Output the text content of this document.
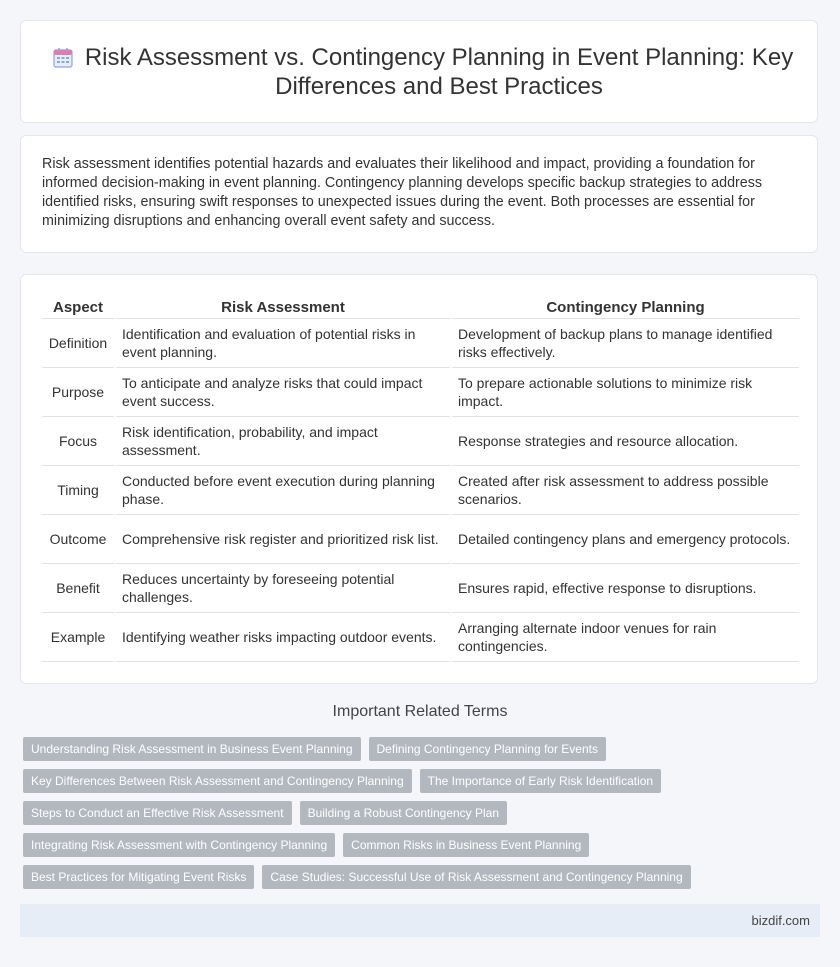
Risk Assessment vs. Contingency Planning in Event Planning: Key Differences and Best Practices

Risk assessment identifies potential hazards and evaluates their likelihood and impact, providing a foundation for informed decision-making in event planning. Contingency planning develops specific backup strategies to address identified risks, ensuring swift responses to unexpected issues during the event. Both processes are essential for minimizing disruptions and enhancing overall event safety and success.

Aspect	Risk Assessment	Contingency Planning
Definition	Identification and evaluation of potential risks in event planning.	Development of backup plans to manage identified risks effectively.
Purpose	To anticipate and analyze risks that could impact event success.	To prepare actionable solutions to minimize risk impact.
Focus	Risk identification, probability, and impact assessment.	Response strategies and resource allocation.
Timing	Conducted before event execution during planning phase.	Created after risk assessment to address possible scenarios.
Outcome	Comprehensive risk register and prioritized risk list.	Detailed contingency plans and emergency protocols.
Benefit	Reduces uncertainty by foreseeing potential challenges.	Ensures rapid, effective response to disruptions.
Example	Identifying weather risks impacting outdoor events.	Arranging alternate indoor venues for rain contingencies.
Important Related Terms
Understanding Risk Assessment in Business Event Planning	Defining Contingency Planning for Events
Key Differences Between Risk Assessment and Contingency Planning	The Importance of Early Risk Identification
Steps to Conduct an Effective Risk Assessment	Building a Robust Contingency Plan
Integrating Risk Assessment with Contingency Planning	Common Risks in Business Event Planning
Best Practices for Mitigating Event Risks	Case Studies: Successful Use of Risk Assessment and Contingency Planning
bizdif.com
